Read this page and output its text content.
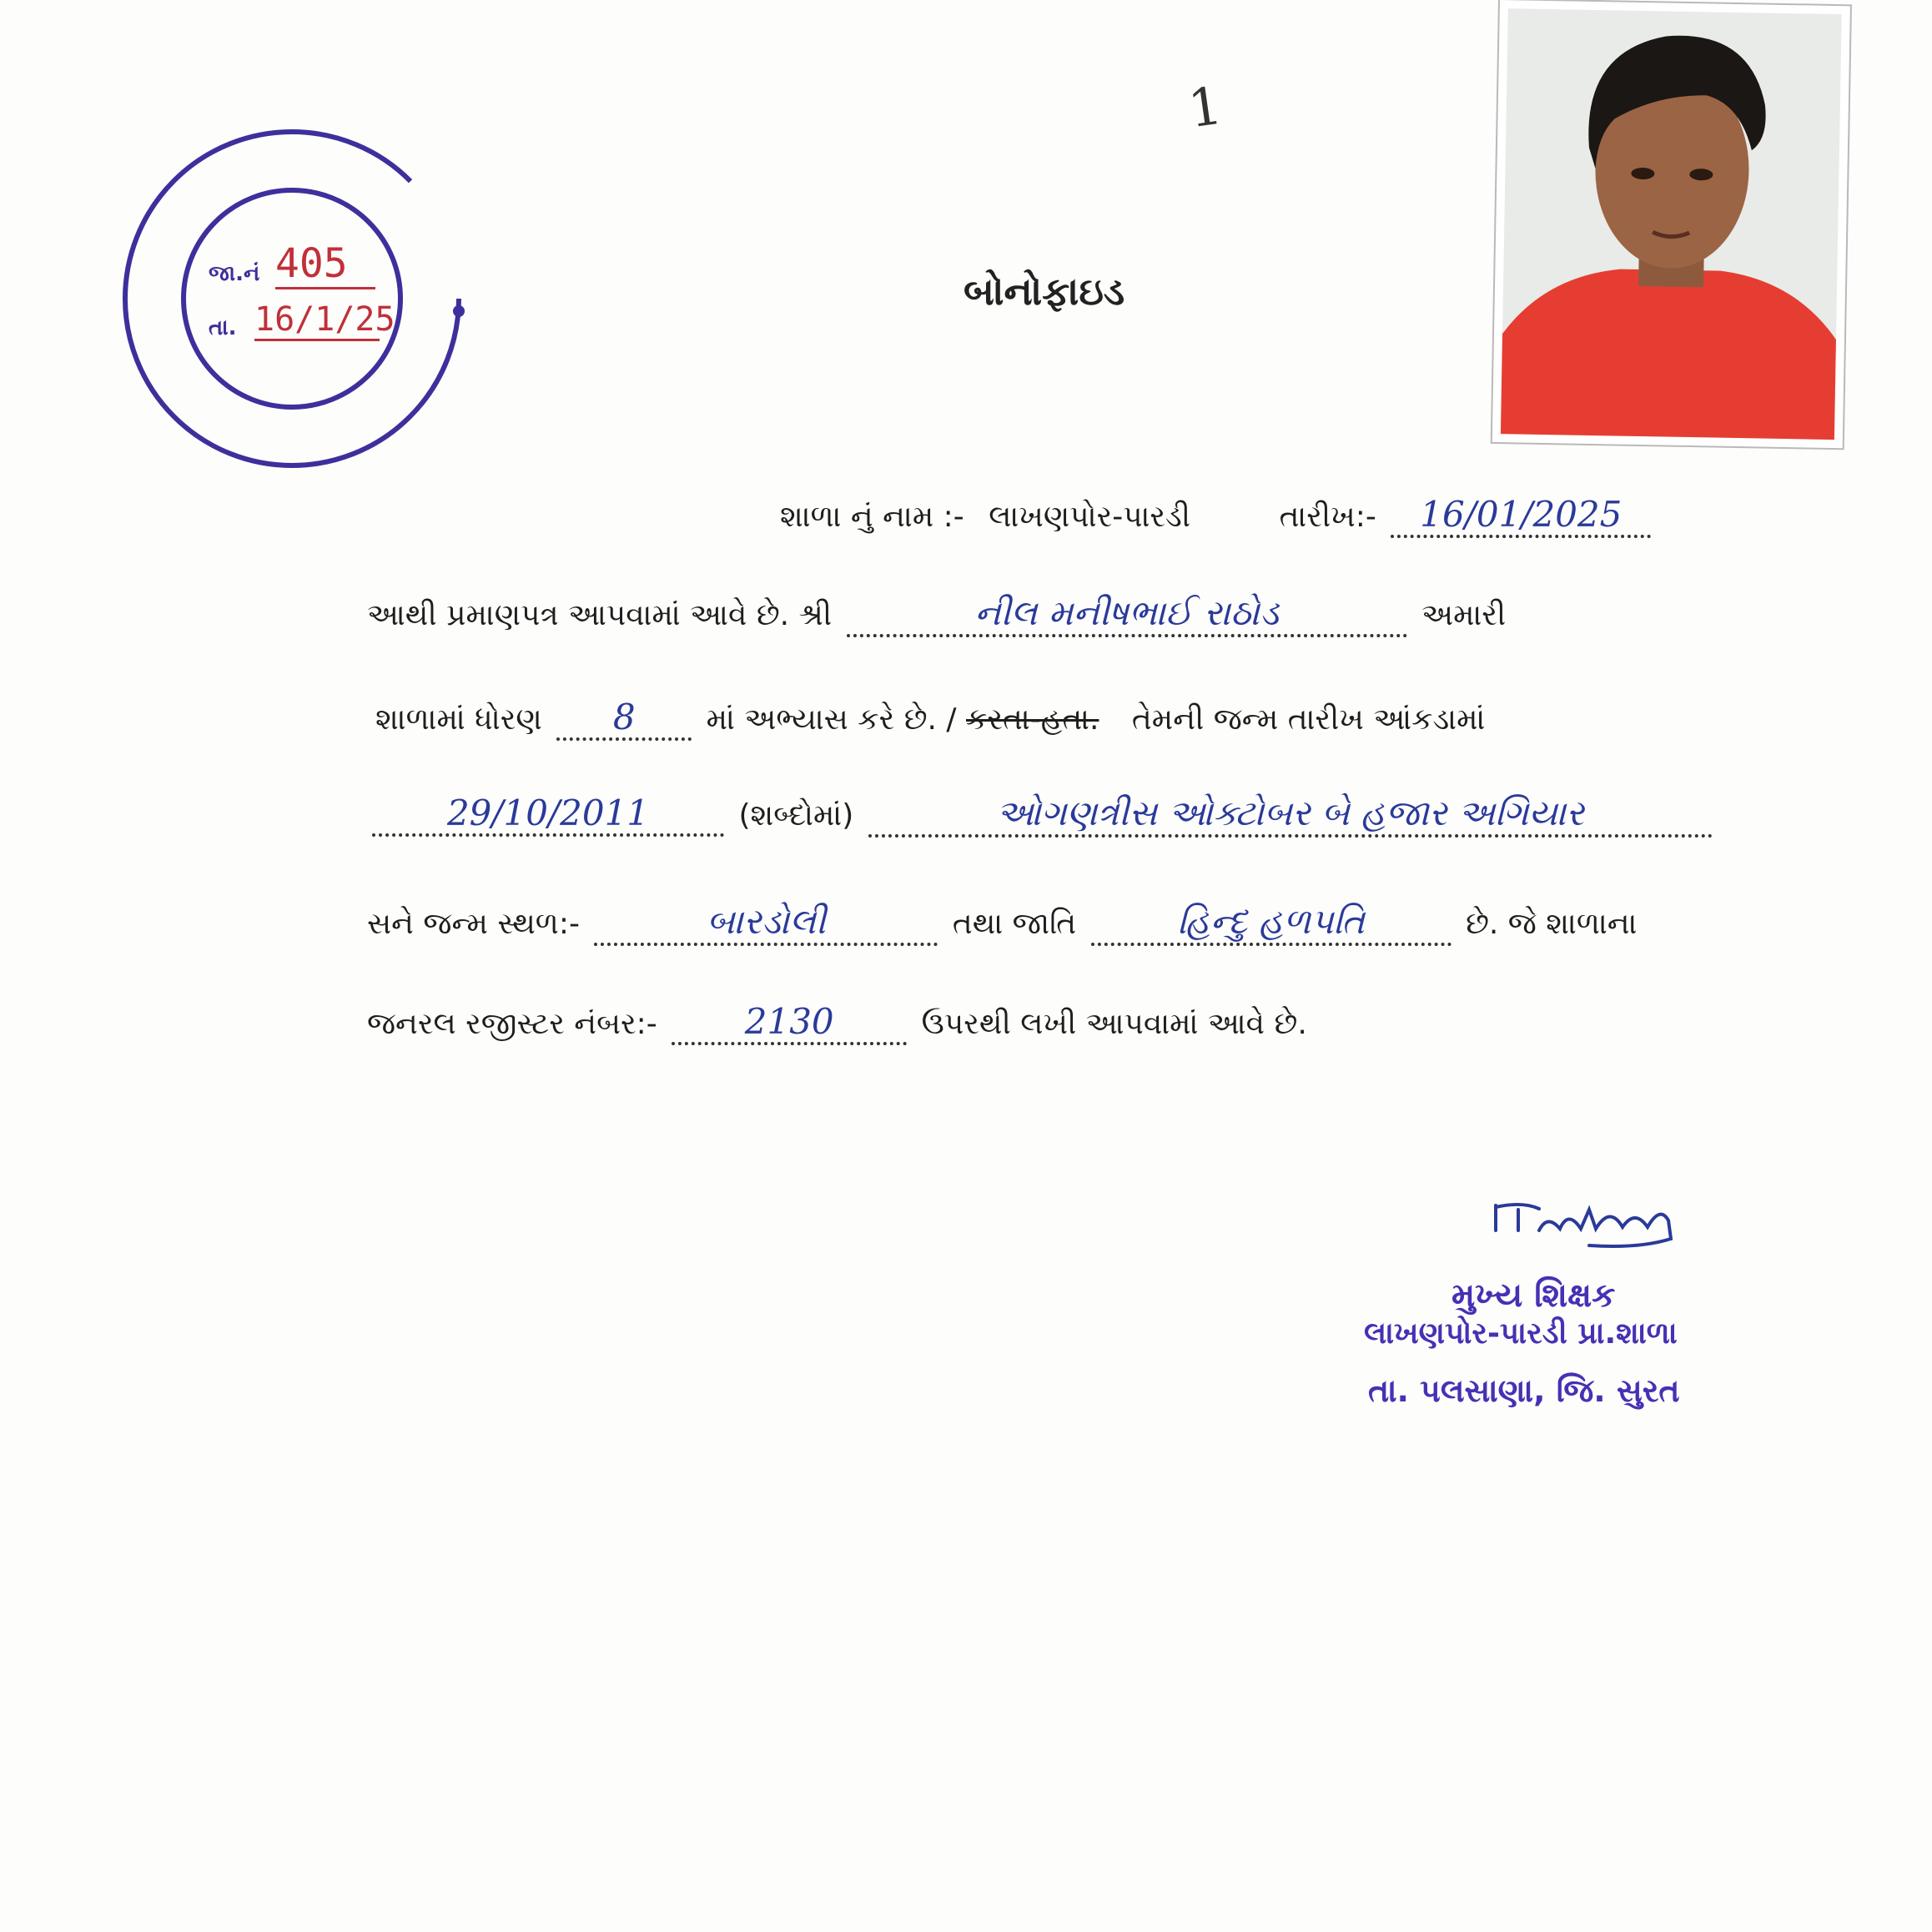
1
જા.નં 405
તા. 16/1/25
બોનોફાઇડ
શાળા નું નામ :- લાખણપોર-પારડી	તારીખ:- 16/01/2025
આથી પ્રમાણપત્ર આપવામાં આવે છે. શ્રી	નીલ મનીષભાઈ રાઠોડ	અમારી
શાળામાં ધોરણ 8 માં અભ્યાસ કરે છે. / કરતા-હતા. તેમની જન્મ તારીખ આંકડામાં
29/10/2011	(શબ્દોમાં)	ઓગણત્રીસ ઓક્ટોબર બે હજાર અગિયાર
સને જન્મ સ્થળ:-	બારડોલી	તથા જાતિ	હિન્દુ હળપતિ	છે. જે શાળાના
જનરલ રજીસ્ટર નંબર:-	2130	ઉપરથી લખી આપવામાં આવે છે.
મુખ્ય શિક્ષક
લાખણપોર-પારડી પ્રા.શાળા
તા. પલસાણા, જિ. સુરત
